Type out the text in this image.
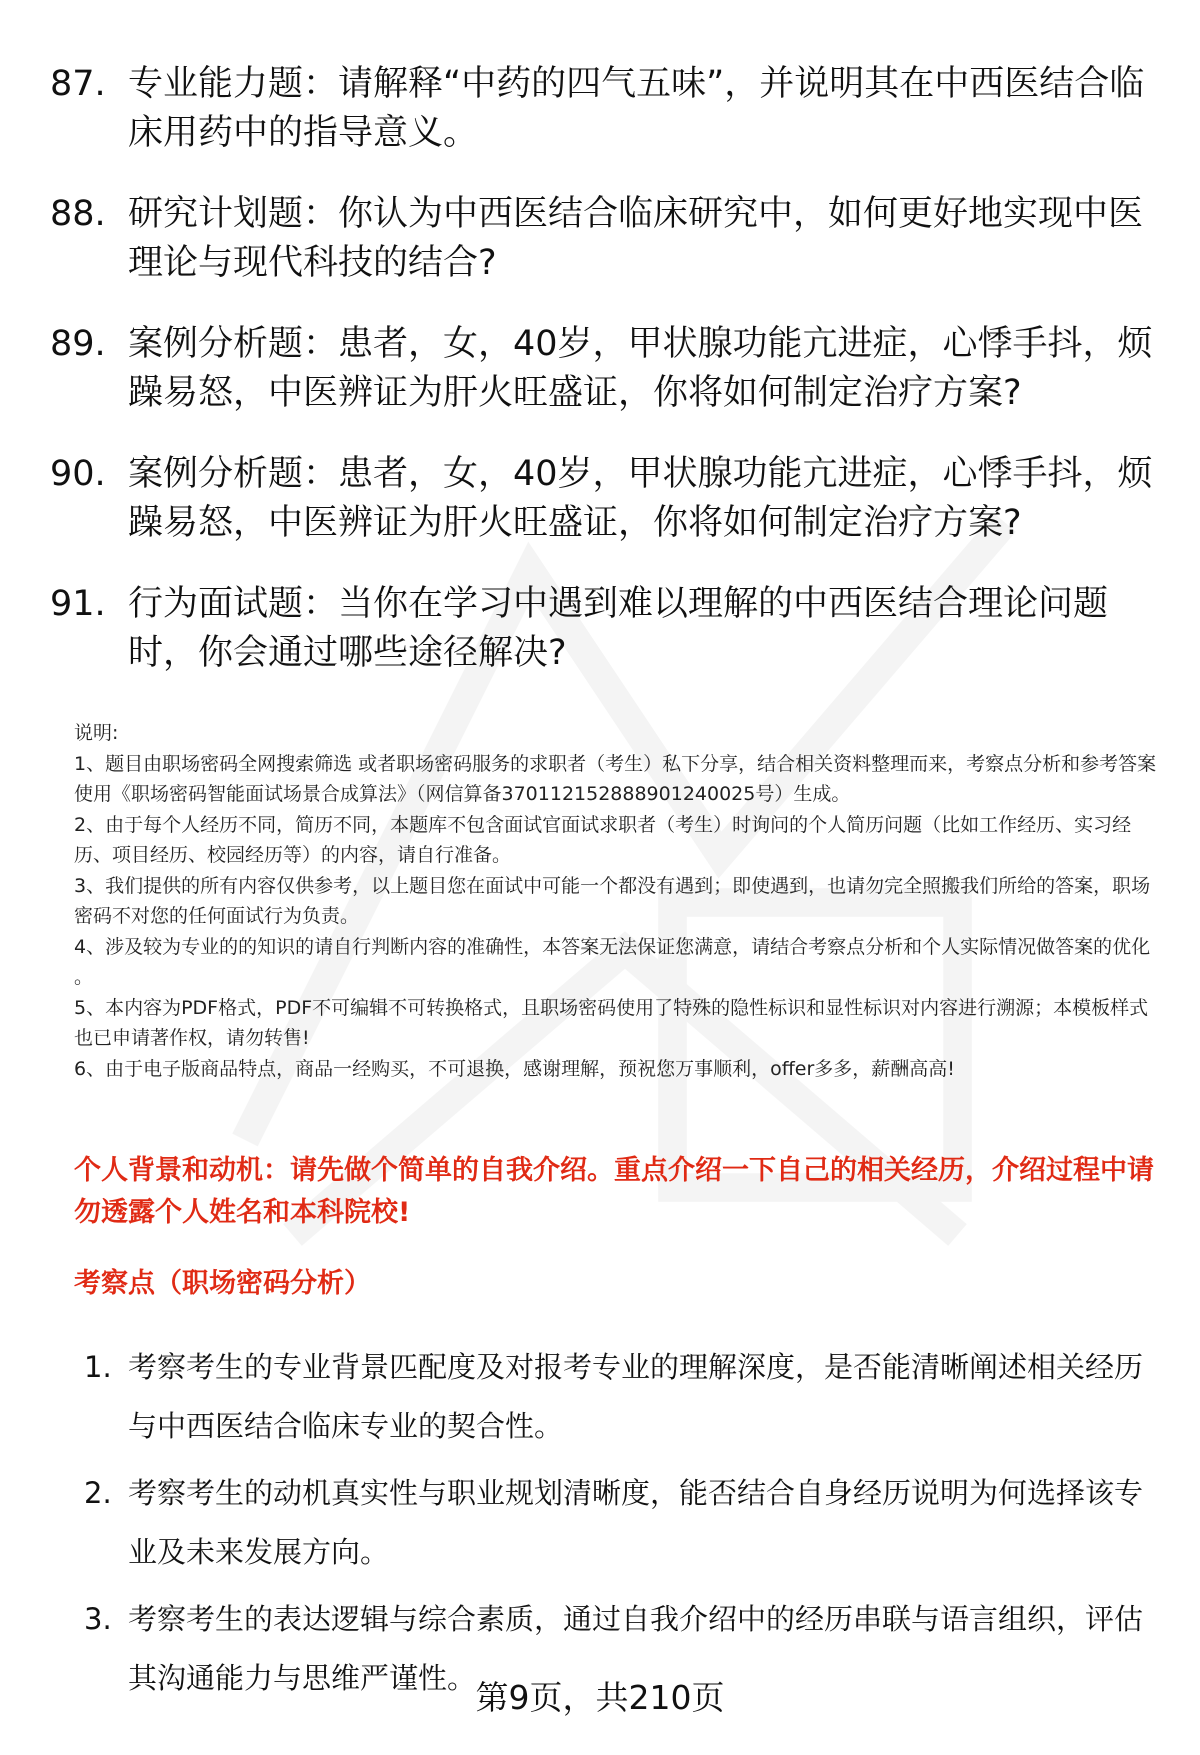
87. 专业能力题：请解释“中药的四气五味”，并说明其在中西医结合临床用药中的指导意义。
88. 研究计划题：你认为中西医结合临床研究中，如何更好地实现中医理论与现代科技的结合?
89. 案例分析题：患者，女，40岁，甲状腺功能亢进症，心悸手抖，烦躁易怒，中医辨证为肝火旺盛证，你将如何制定治疗方案?
90. 案例分析题：患者，女，40岁，甲状腺功能亢进症，心悸手抖，烦躁易怒，中医辨证为肝火旺盛证，你将如何制定治疗方案?
91. 行为面试题：当你在学习中遇到难以理解的中西医结合理论问题时，你会通过哪些途径解决?

说明:

1、题目由职场密码全网搜索筛选 或者职场密码服务的求职者（考生）私下分享，结合相关资料整理而来，考察点分析和参考答案使用《职场密码智能面试场景合成算法》（网信算备370112152888901240025号）生成。

2、由于每个人经历不同，简历不同，本题库不包含面试官面试求职者（考生）时询问的个人简历问题（比如工作经历、实习经历、项目经历、校园经历等）的内容，请自行准备。

3、我们提供的所有内容仅供参考，以上题目您在面试中可能一个都没有遇到；即使遇到，也请勿完全照搬我们所给的答案，职场密码不对您的任何面试行为负责。

4、涉及较为专业的的知识的请自行判断内容的准确性，本答案无法保证您满意，请结合考察点分析和个人实际情况做答案的优化 。

5、本内容为PDF格式，PDF不可编辑不可转换格式，且职场密码使用了特殊的隐性标识和显性标识对内容进行溯源；本模板样式也已申请著作权，请勿转售!

6、由于电子版商品特点，商品一经购买，不可退换，感谢理解，预祝您万事顺利，offer多多，薪酬高高!

个人背景和动机：请先做个简单的自我介绍。重点介绍一下自己的相关经历，介绍过程中请勿透露个人姓名和本科院校!
考察点（职场密码分析）
1. 考察考生的专业背景匹配度及对报考专业的理解深度，是否能清晰阐述相关经历与中西医结合临床专业的契合性。
2. 考察考生的动机真实性与职业规划清晰度，能否结合自身经历说明为何选择该专业及未来发展方向。
3. 考察考生的表达逻辑与综合素质，通过自我介绍中的经历串联与语言组织，评估其沟通能力与思维严谨性。 第9页，共210页
